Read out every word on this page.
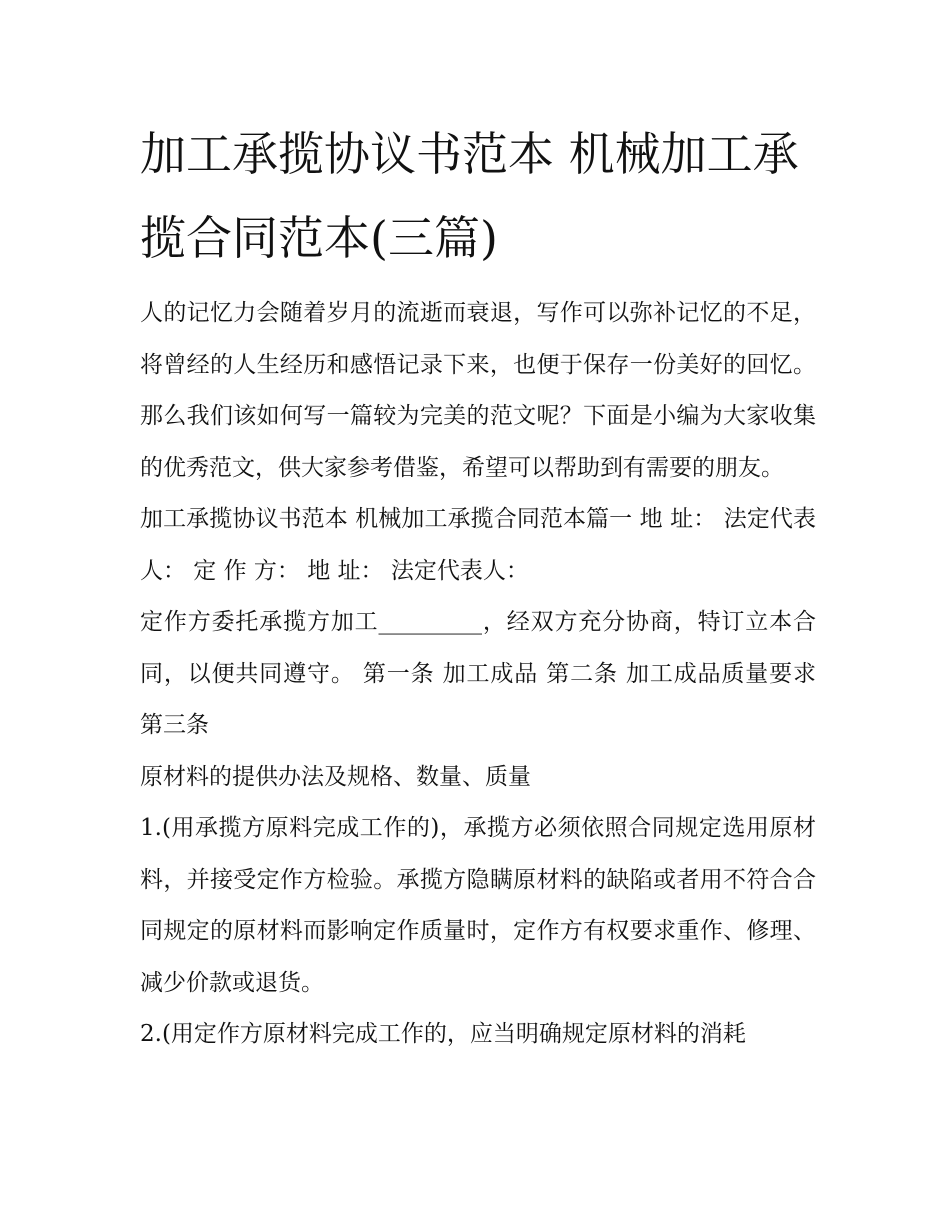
加工承揽协议书范本 机械加工承揽合同范本(三篇)

人的记忆力会随着岁月的流逝而衰退，写作可以弥补记忆的不足，将曾经的人生经历和感悟记录下来，也便于保存一份美好的回忆。那么我们该如何写一篇较为完美的范文呢？下面是小编为大家收集的优秀范文，供大家参考借鉴，希望可以帮助到有需要的朋友。

加工承揽协议书范本 机械加工承揽合同范本篇一 地 址： 法定代表人： 定 作 方： 地 址： 法定代表人：

定作方委托承揽方加工_________，经双方充分协商，特订立本合同，以便共同遵守。 第一条 加工成品 第二条 加工成品质量要求 第三条

原材料的提供办法及规格、数量、质量

1.(用承揽方原料完成工作的)，承揽方必须依照合同规定选用原材料，并接受定作方检验。承揽方隐瞒原材料的缺陷或者用不符合合同规定的原材料而影响定作质量时，定作方有权要求重作、修理、减少价款或退货。

2.(用定作方原材料完成工作的，应当明确规定原材料的消耗
